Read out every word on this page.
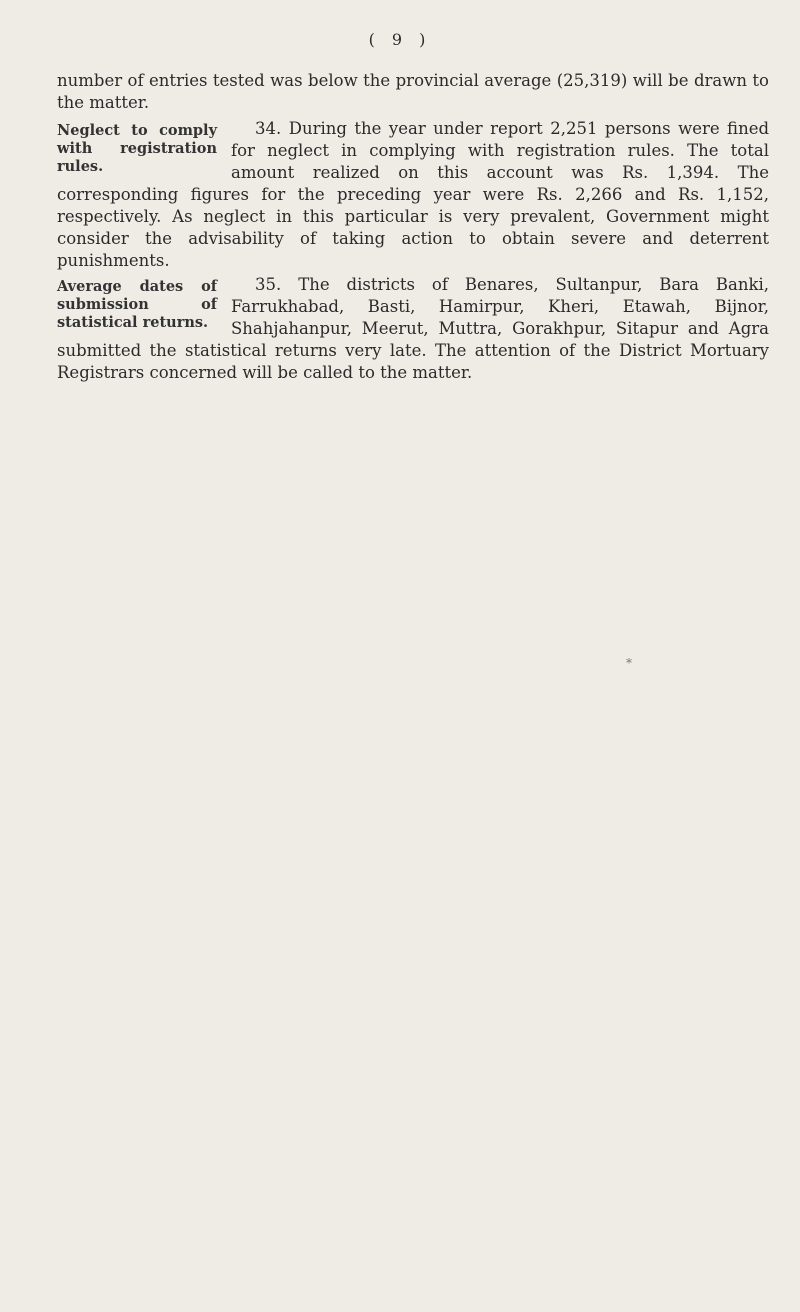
( 9 )

number of entries tested was below the provincial average (25,319) will be drawn to the matter.

34. During the
Neglect to comply with registration rules.
year under report 2,251 persons were fined for neglect in complying with registration rules. The total amount realized on this account was Rs. 1,394. The corresponding figures for the preceding year were Rs. 2,266 and Rs. 1,152, respectively. As neglect in this particular is very prevalent, Government might consider the advisability of taking action to obtain severe and deterrent punishments.

35. The districts
Average dates of submission of statistical returns.
of Benares, Sultanpur, Bara Banki, Farrukhabad, Basti, Hamirpur, Kheri, Etawah, Bijnor, Shahjahanpur, Meerut, Muttra, Gorakhpur, Sitapur and Agra submitted the statistical returns very late. The attention of the District Mortuary Registrars concerned will be called to the matter.

*
